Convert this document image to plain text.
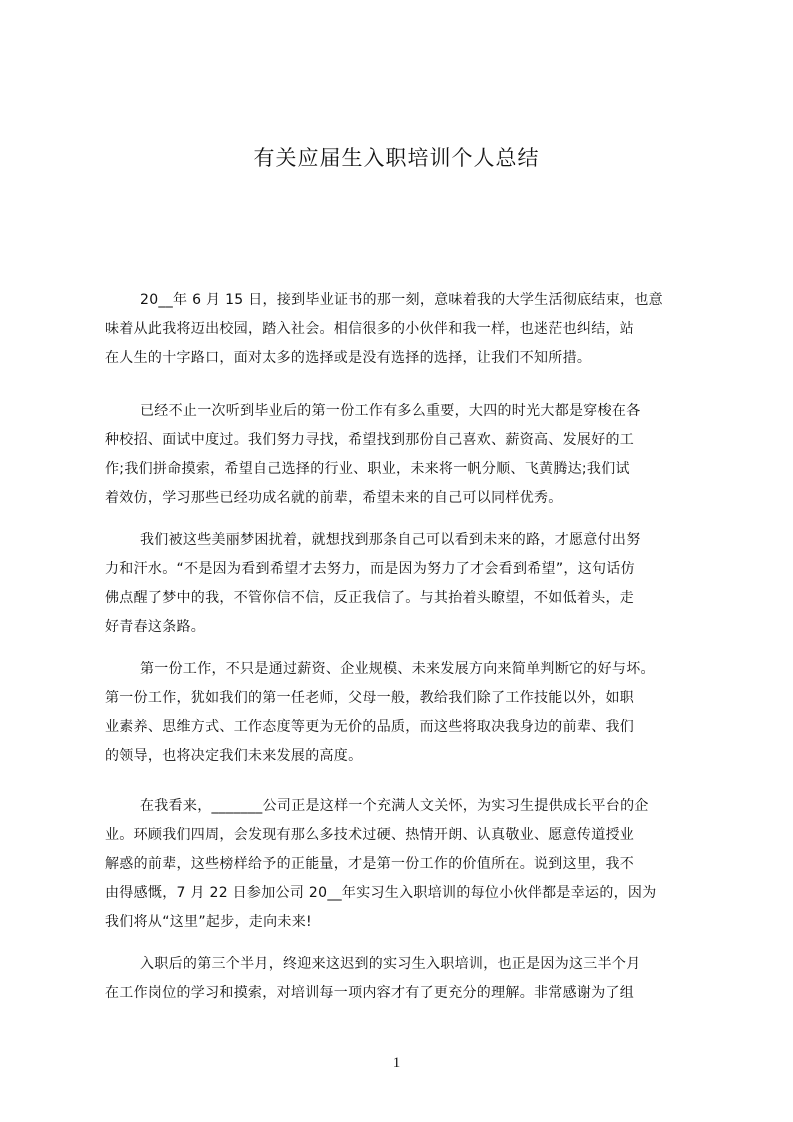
有关应届生入职培训个人总结
20__年 6 月 15 日，接到毕业证书的那一刻，意味着我的大学生活彻底结束，也意
味着从此我将迈出校园，踏入社会。相信很多的小伙伴和我一样，也迷茫也纠结，站
在人生的十字路口，面对太多的选择或是没有选择的选择，让我们不知所措。
已经不止一次听到毕业后的第一份工作有多么重要，大四的时光大都是穿梭在各
种校招、面试中度过。我们努力寻找，希望找到那份自己喜欢、薪资高、发展好的工
作;我们拼命摸索，希望自己选择的行业、职业，未来将一帆分顺、飞黄腾达;我们试
着效仿，学习那些已经功成名就的前辈，希望未来的自己可以同样优秀。
我们被这些美丽梦困扰着，就想找到那条自己可以看到未来的路，才愿意付出努
力和汗水。“不是因为看到希望才去努力，而是因为努力了才会看到希望”，这句话仿
佛点醒了梦中的我，不管你信不信，反正我信了。与其抬着头瞭望，不如低着头，走
好青春这条路。
第一份工作，不只是通过薪资、企业规模、未来发展方向来简单判断它的好与坏。
第一份工作，犹如我们的第一任老师，父母一般，教给我们除了工作技能以外，如职
业素养、思维方式、工作态度等更为无价的品质，而这些将取决我身边的前辈、我们
的领导，也将决定我们未来发展的高度。
在我看来，_______公司正是这样一个充满人文关怀，为实习生提供成长平台的企
业。环顾我们四周，会发现有那么多技术过硬、热情开朗、认真敬业、愿意传道授业
解惑的前辈，这些榜样给予的正能量，才是第一份工作的价值所在。说到这里，我不
由得感慨，7 月 22 日参加公司 20__年实习生入职培训的每位小伙伴都是幸运的，因为
我们将从“这里”起步，走向未来!
入职后的第三个半月，终迎来这迟到的实习生入职培训，也正是因为这三半个月
在工作岗位的学习和摸索，对培训每一项内容才有了更充分的理解。非常感谢为了组
1
